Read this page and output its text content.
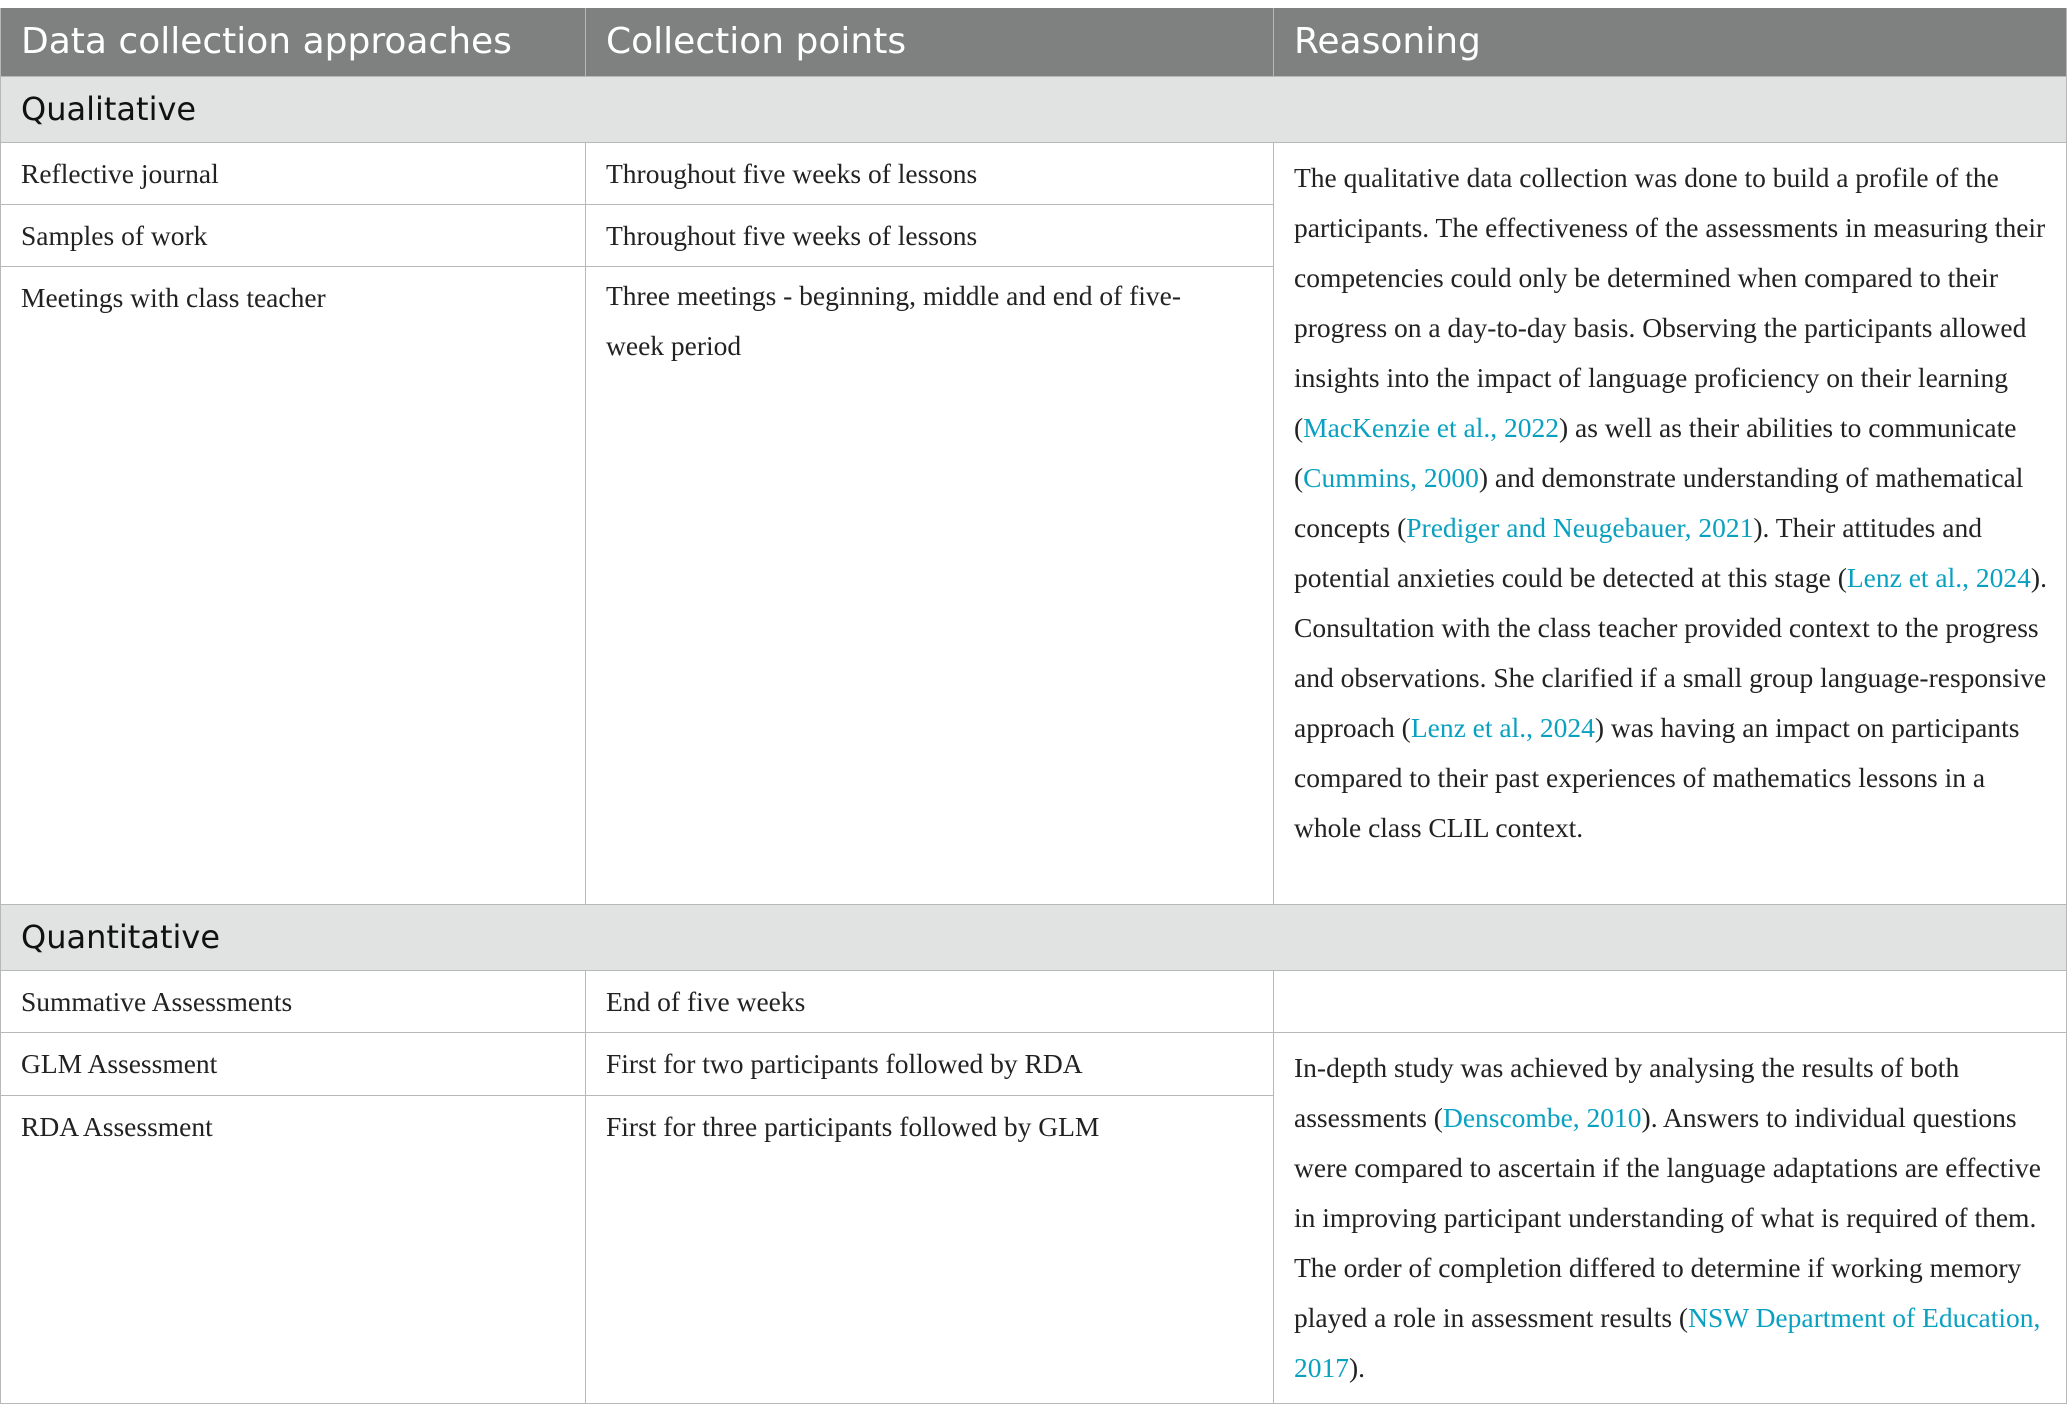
Data collection approaches	Collection points	Reasoning
Qualitative		
Reflective journal	Throughout five weeks of lessons	The qualitative data collection was done to build a profile of the participants. The effectiveness of the assessments in measuring their competencies could only be determined when compared to their progress on a day-to-day basis. Observing the participants allowed insights into the impact of language proficiency on their learning (MacKenzie et al., 2022) as well as their abilities to communicate (Cummins, 2000) and demonstrate understanding of mathematical concepts (Prediger and Neugebauer, 2021). Their attitudes and potential anxieties could be detected at this stage (Lenz et al., 2024). Consultation with the class teacher provided context to the progress and observations. She clarified if a small group language-responsive approach (Lenz et al., 2024) was having an impact on participants compared to their past experiences of mathematics lessons in a whole class CLIL context.
Samples of work	Throughout five weeks of lessons	
Meetings with class teacher	Three meetings - beginning, middle and end of five-week period	
Quantitative		
Summative Assessments	End of five weeks	
GLM Assessment	First for two participants followed by RDA	In-depth study was achieved by analysing the results of both assessments (Denscombe, 2010). Answers to individual questions were compared to ascertain if the language adaptations are effective in improving participant understanding of what is required of them. The order of completion differed to determine if working memory played a role in assessment results (NSW Department of Education, 2017).
RDA Assessment	First for three participants followed by GLM	
